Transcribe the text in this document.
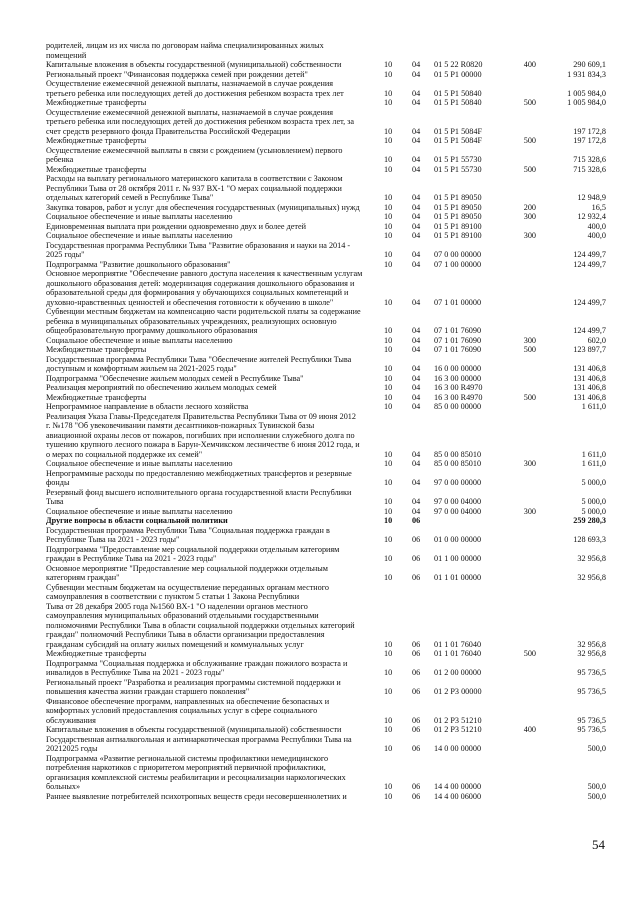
родителей, лицам из их числа по договорам найма специализированных жилых
помещений
Капитальные вложения в объекты государственной (муниципальной) собственности	10	04	01 5 22 R0820	400	290 609,1
Региональный проект "Финансовая поддержка семей при рождении детей"	10	04	01 5 P1 00000	1 931 834,3
Осуществление ежемесячной денежной выплаты, назначаемой в случае рождения
третьего ребенка или последующих детей до достижения ребенком возраста трех лет	10	04	01 5 P1 50840	1 005 984,0
Межбюджетные трансферты	10	04	01 5 P1 50840	500	1 005 984,0
Осуществление ежемесячной денежной выплаты, назначаемой в случае рождения
третьего ребенка или последующих детей до достижения ребенком возраста трех лет, за
счет средств резервного фонда Правительства Российской Федерации	10	04	01 5 P1 5084F	197 172,8
Межбюджетные трансферты	10	04	01 5 P1 5084F	500	197 172,8
Осуществление ежемесячной выплаты в связи с рождением (усыновлением) первого
ребенка	10	04	01 5 P1 55730	715 328,6
Межбюджетные трансферты	10	04	01 5 P1 55730	500	715 328,6
Расходы на выплату регионального материнского капитала в соответствии с Законом
Республики Тыва от 28 октября 2011 г. № 937 ВХ-1 "О мерах социальной поддержки
отдельных категорий семей в Республике Тыва"	10	04	01 5 P1 89050	12 948,9
Закупка товаров, работ и услуг для обеспечения государственных (муниципальных) нужд	10	04	01 5 P1 89050	200	16,5
Социальное обеспечение и иные выплаты населению	10	04	01 5 P1 89050	300	12 932,4
Единовременная выплата при рождении одновременно двух и более детей	10	04	01 5 P1 89100	400,0
Социальное обеспечение и иные выплаты населению	10	04	01 5 P1 89100	300	400,0
Государственная программа Республики Тыва "Развитие образования и науки на 2014 -
2025 годы"	10	04	07 0 00 00000	124 499,7
Подпрограмма "Развитие дошкольного образования"	10	04	07 1 00 00000	124 499,7
Основное мероприятие "Обеспечение равного доступа населения к качественным услугам
дошкольного образования детей: модернизация содержания дошкольного образования и
образовательной среды для формирования у обучающихся социальных компетенций и
духовно-нравственных ценностей и обеспечения готовности к обучению в школе"	10	04	07 1 01 00000	124 499,7
Субвенции местным бюджетам на компенсацию части родительской платы за содержание
ребенка в муниципальных образовательных учреждениях, реализующих основную
общеобразовательную программу дошкольного образования	10	04	07 1 01 76090	124 499,7
Социальное обеспечение и иные выплаты населению	10	04	07 1 01 76090	300	602,0
Межбюджетные трансферты	10	04	07 1 01 76090	500	123 897,7
Государственная программа Республики Тыва "Обеспечение жителей Республики Тыва
доступным и комфортным жильем на 2021-2025 годы"	10	04	16 0 00 00000	131 406,8
Подпрограмма "Обеспечение жильем молодых семей в Республике Тыва"	10	04	16 3 00 00000	131 406,8
Реализация мероприятий по обеспечению жильем молодых семей	10	04	16 3 00 R4970	131 406,8
Межбюджетные трансферты	10	04	16 3 00 R4970	500	131 406,8
Непрограммное направление в области лесного хозяйства	10	04	85 0 00 00000	1 611,0
Реализация Указа Главы-Председателя Правительства Республики Тыва от 09 июня 2012
г. №178 "Об увековечивании памяти десантников-пожарных Тувинской базы
авиационной охраны лесов от пожаров, погибших при исполнении служебного долга по
тушению крупного лесного пожара в Барун-Хемчикском лесничестве 6 июня 2012 года, и
о мерах по социальной поддержке их семей"	10	04	85 0 00 85010	1 611,0
Социальное обеспечение и иные выплаты населению	10	04	85 0 00 85010	300	1 611,0
Непрограммные расходы по предоставлению межбюджетных трансфертов и резервные
фонды	10	04	97 0 00 00000	5 000,0
Резервный фонд высшего исполнительного органа государственной власти Республики
Тыва	10	04	97 0 00 04000	5 000,0
Социальное обеспечение и иные выплаты населению	10	04	97 0 00 04000	300	5 000,0
Другие вопросы в области социальной политики	10	06	259 280,3
Государственная программа Республики Тыва "Социальная поддержка граждан в
Республике Тыва на 2021 - 2023 годы"	10	06	01 0 00 00000	128 693,3
Подпрограмма "Предоставление мер социальной поддержки отдельным категориям
граждан в Республике Тыва на 2021 - 2023 годы"	10	06	01 1 00 00000	32 956,8
Основное мероприятие "Предоставление мер социальной поддержки отдельным
категориям граждан"	10	06	01 1 01 00000	32 956,8
Субвенции местным бюджетам на осуществление переданных органам местного
самоуправления в соответствии с пунктом 5 статьи 1 Закона Республики
Тыва от 28 декабря 2005 года №1560 ВХ-1 "О наделении органов местного
самоуправления муниципальных образований отдельными государственными
полномочиями Республики Тыва в области социальной поддержки отдельных категорий
граждан" полномочий Республики Тыва в области организации предоставления
гражданам субсидий на оплату жилых помещений и коммунальных услуг	10	06	01 1 01 76040	32 956,8
Межбюджетные трансферты	10	06	01 1 01 76040	500	32 956,8
Подпрограмма "Социальная поддержка и обслуживание граждан пожилого возраста и
инвалидов в Республике Тыва на 2021 - 2023 годы"	10	06	01 2 00 00000	95 736,5
Региональный проект "Разработка и реализация программы системной поддержки и
повышения качества жизни граждан старшего поколения"	10	06	01 2 P3 00000	95 736,5
Финансовое обеспечение программ, направленных на обеспечение безопасных и
комфортных условий предоставления социальных услуг в сфере социального
обслуживания	10	06	01 2 P3 51210	95 736,5
Капитальные вложения в объекты государственной (муниципальной) собственности	10	06	01 2 P3 51210	400	95 736,5
Государственная антиалкогольная и антинаркотическая программа Республики Тыва на
20212025 годы	10	06	14 0 00 00000	500,0
Подпрограмма «Развитие региональной системы профилактики немедицинского
потребления наркотиков с приоритетом мероприятий первичной профилактики,
организация комплексной системы реабилитации и ресоциализации наркологических
больных»	10	06	14 4 00 00000	500,0
Раннее выявление потребителей психотропных веществ среди несовершеннолетних и	10	06	14 4 00 06000	500,0
54
